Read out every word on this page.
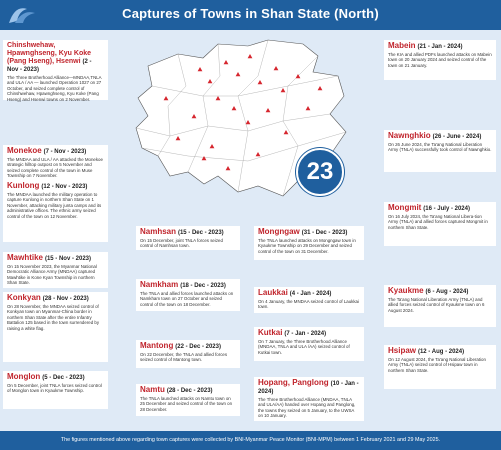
Captures of Towns in Shan State (North)
Chinshwehaw, Hpawnghseng, Kyu Koke (Pang Hseng), Hsenwi (2 - Nov - 2023)
The Three Brotherhood Alliance—MNDAA,TNLA and ULA / AA — launched Operation 1027 on 27 October, and seized complete control of Chinshwehaw, Hpawnghseng, Kyu Koke (Pang Hseng) and Hsenwi towns on 2 November.
Monekoe (7 - Nov - 2023)
The MNDAA and ULA / AA attacked the Monekoe strategic hilltop outpost on 5 November and seized complete control of the town in Muse Township on 7 November.
Kunlong (12 - Nov - 2023)
The MNDAA launched the military operation to capture Kunlong in northern Shan State on 1 November, attacking military junta camps and its administrative offices. The ethnic army seized control of the town on 12 November.
Mawhtike (15 - Nov - 2023)
On 15 November 2023, the Myanmar National Democratic Alliance Army (MNDAA) captured Mawhtike in Kone Kyan Township in northern Shan State.
Konkyan (28 - Nov - 2023)
On 28 November, the MNDAA seized control of Konkyan town on Myanmar-China border in northern Shan State after the entire Infantry Battalion 125 based in the town surrendered by raising a white flag.
Monglon (5 - Dec - 2023)
On 5 December, joint TNLA forces seized control of Monglon town in Kyaukme Township.
23
Namhsan (15 - Dec - 2023)
On 15 December, joint TNLA forces seized control of Namhsan town.
Namkham (18 - Dec - 2023)
The TNLA and allied forces launched attacks on Namkham town on 27 October and seized control of the town on 18 December.
Mantong (22 - Dec - 2023)
On 22 December, the TNLA and allied forces seized control of Mantong town.
Namtu (28 - Dec - 2023)
The TNLA launched attacks on Namtu town on 25 December and seized control of the town on 28 December.
Mongngaw (31 - Dec - 2023)
The TNLA launched attacks on Mongngaw town in Kyaukme Township on 29 December and seized control of the town on 31 December.
Laukkai (4 - Jan - 2024)
On 4 January, the MNDAA seized control of Laukkai town.
Kutkai (7 - Jan - 2024)
On 7 January, the Three Brotherhood Alliance (MNDAA, TNLA and ULA /AA) seized control of Kutkai town.
Hopang, Panglong (10 - Jan - 2024)
The Three Brotherhood Alliance (MNDAA, TNLA and ULA/AA) handed over Hopang and Panglong, the towns they seized on 5 January, to the UWSA on 10 January.
Mabein (21 - Jan - 2024)
The KIA and allied PDFs launched attacks on Mabein town on 20 January 2024 and seized control of the town on 21 January.
Nawnghkio (26 - June - 2024)
On 26 June 2024, the Ta'ang National Liberation Army (TNLA) successfully took control of Nawnghkio.
Mongmit (16 - July - 2024)
On 16 July 2024, the Ta'ang National Libera-tion Army (TNLA) and allied forces captured Mongmit in northern Shan State.
Kyaukme (6 - Aug - 2024)
The Ta'ang National Liberation Army (TNLA) and allied forces seized control of Kyaukme town on 6 August 2024.
Hsipaw (12 - Aug - 2024)
On 12 August 2024, the Ta'ang National Liberation Army (TNLA) seized control of Hsipaw town in northern Shan State.
The figures mentioned above regarding town captures were collected by BNI-Myanmar Peace Monitor (BNI-MPM) between 1 February 2021 and 29 May 2025.
